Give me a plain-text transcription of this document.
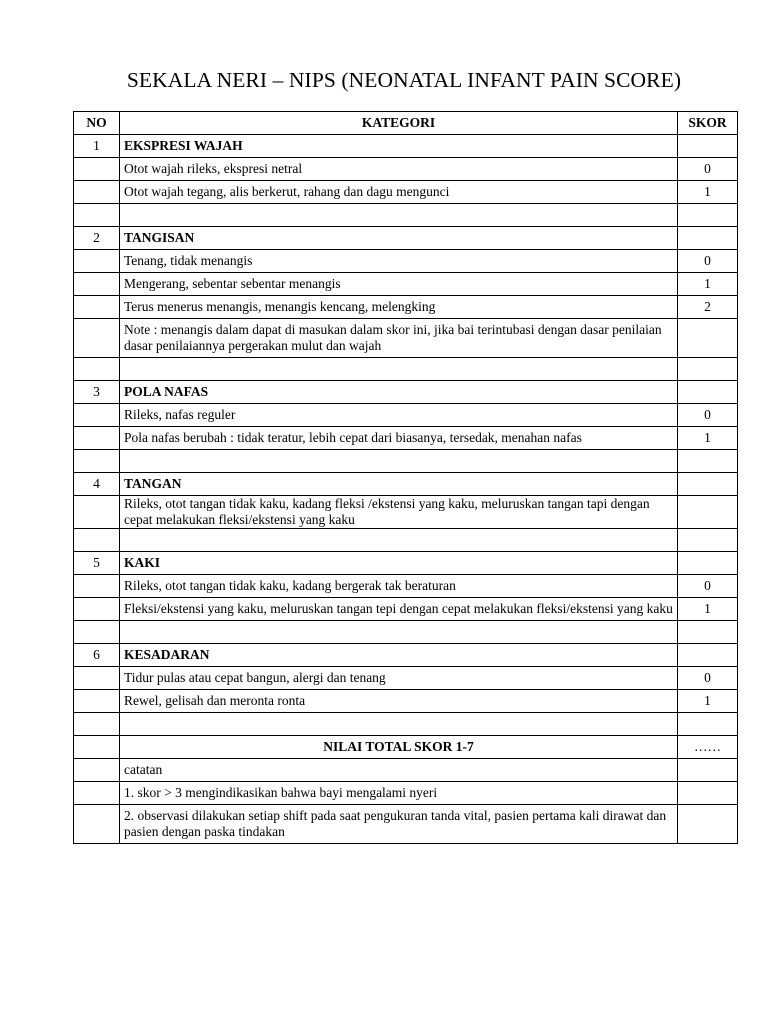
SEKALA NERI – NIPS (NEONATAL INFANT PAIN SCORE)
NO	KATEGORI	SKOR
1	EKSPRESI WAJAH	
	Otot wajah rileks, ekspresi netral	0
	Otot wajah tegang, alis berkerut, rahang dan dagu mengunci	1

2	TANGISAN	
	Tenang, tidak menangis	0
	Mengerang, sebentar sebentar menangis	1
	Terus menerus menangis, menangis kencang, melengking	2
	Note : menangis dalam dapat di masukan dalam skor ini, jika bai terintubasi dengan dasar penilaian dasar penilaiannya pergerakan mulut dan wajah	

3	POLA NAFAS	
	Rileks, nafas reguler	0
	Pola nafas berubah : tidak teratur, lebih cepat dari biasanya, tersedak, menahan nafas	1

4	TANGAN	
	Rileks, otot tangan tidak kaku, kadang fleksi /ekstensi yang kaku, meluruskan tangan tapi dengan cepat melakukan fleksi/ekstensi yang kaku	

5	KAKI	
	Rileks, otot tangan tidak kaku, kadang bergerak tak beraturan	0
	Fleksi/ekstensi yang kaku, meluruskan tangan tepi dengan cepat melakukan fleksi/ekstensi yang kaku	1

6	KESADARAN	
	Tidur pulas atau cepat bangun, alergi dan tenang	0
	Rewel, gelisah dan meronta ronta	1

	NILAI TOTAL SKOR 1-7	……
	catatan	
	1. skor > 3 mengindikasikan bahwa bayi mengalami nyeri	
	2. observasi dilakukan setiap shift pada saat pengukuran tanda vital, pasien pertama kali dirawat dan pasien dengan paska tindakan	
